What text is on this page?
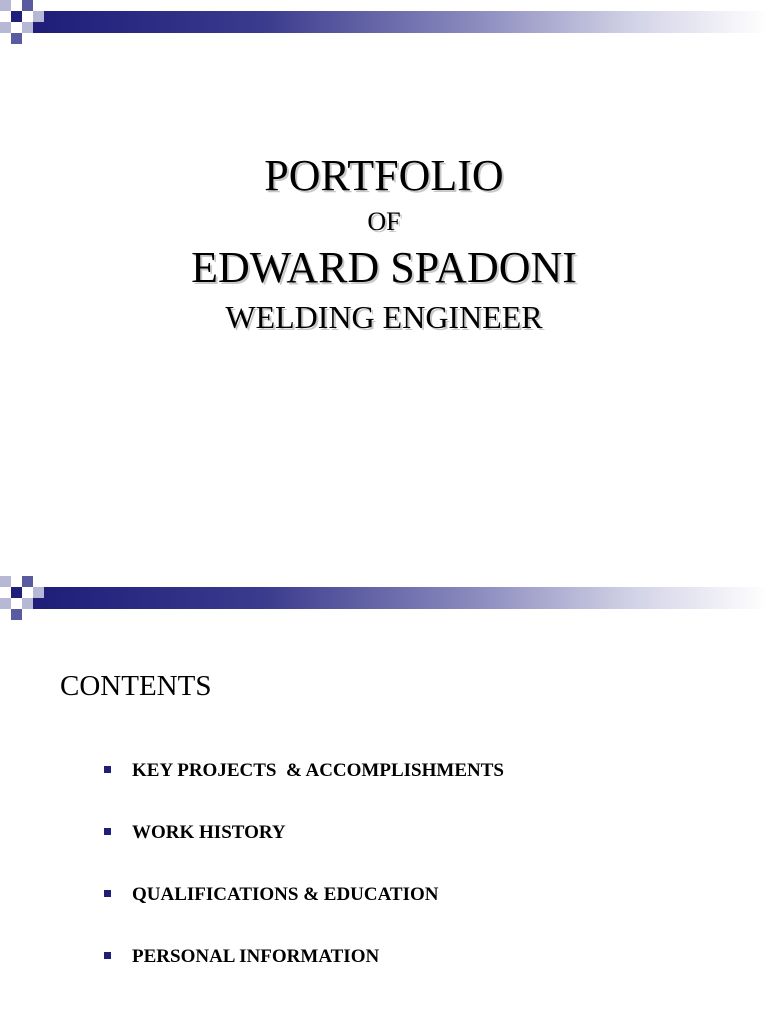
PORTFOLIO
OF
EDWARD SPADONI
WELDING ENGINEER
CONTENTS
KEY PROJECTS  & ACCOMPLISHMENTS
WORK HISTORY
QUALIFICATIONS & EDUCATION
PERSONAL INFORMATION
